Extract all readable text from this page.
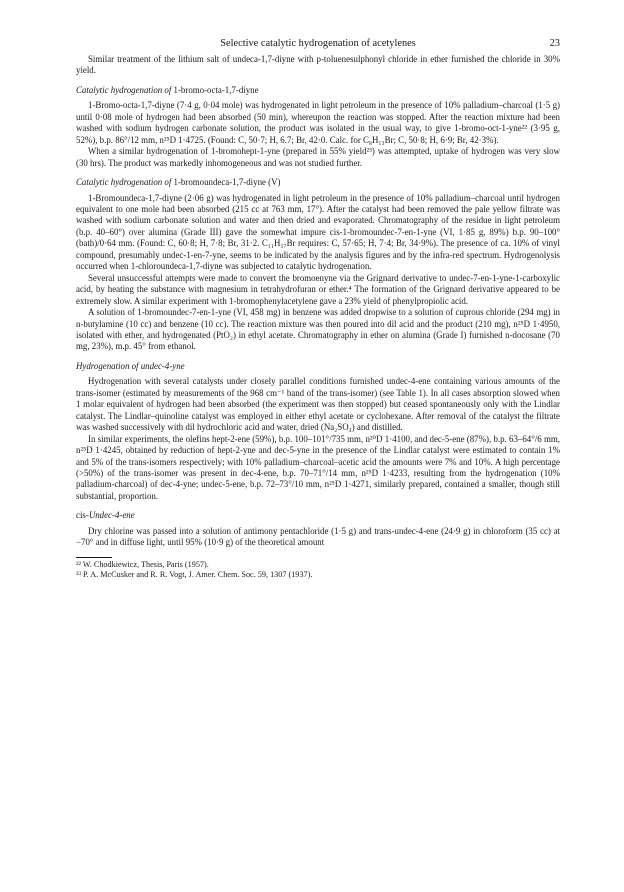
Selective catalytic hydrogenation of acetylenes	23

Similar treatment of the lithium salt of undeca-1,7-diyne with p-toluenesulphonyl chloride in ether furnished the chloride in 30% yield.

Catalytic hydrogenation of 1-bromo-octa-1,7-diyne

1-Bromo-octa-1,7-diyne (7·4 g, 0·04 mole) was hydrogenated in light petroleum in the presence of 10% palladium–charcoal (1·5 g) until 0·08 mole of hydrogen had been absorbed (50 min), whereupon the reaction was stopped. After the reaction mixture had been washed with sodium hydrogen carbonate solution, the product was isolated in the usual way, to give 1-bromo-oct-1-yne²² (3·95 g, 52%), b.p. 86°/12 mm, n²⁵D 1·4725. (Found: C, 50·7; H, 6.7; Br, 42·0. Calc. for C₈H₁₃Br; C, 50·8; H, 6·9; Br, 42·3%).

When a similar hydrogenation of 1-bromohept-1-yne (prepared in 55% yield²³) was attempted, uptake of hydrogen was very slow (30 hrs). The product was markedly inhomogeneous and was not studied further.

Catalytic hydrogenation of 1-bromoundeca-1,7-diyne (V)

1-Bromoundeca-1,7-diyne (2·06 g) was hydrogenated in light petroleum in the presence of 10% palladium–charcoal until hydrogen equivalent to one mole had been absorbed (215 cc at 763 mm, 17°). After the catalyst had been removed the pale yellow filtrate was washed with sodium carbonate solution and water and then dried and evaporated. Chromatography of the residue in light petroleum (b.p. 40–60°) over alumina (Grade III) gave the somewhat impure cis-1-bromoundec-7-en-1-yne (VI, 1·85 g, 89%) b.p. 90–100° (bath)/0·64 mm. (Found: C, 60·8; H, 7·8; Br, 31·2. C₁₁H₁₇Br requires: C, 57·65; H, 7·4; Br, 34·9%). The presence of ca. 10% of vinyl compound, presumably undec-1-en-7-yne, seems to be indicated by the analysis figures and by the infra-red spectrum. Hydrogenolysis occurred when 1-chloroundeca-1,7-diyne was subjected to catalytic hydrogenation.

Several unsuccessful attempts were made to convert the bromoenyne via the Grignard derivative to undec-7-en-1-yne-1-carboxylic acid, by heating the substance with magnesium in tetrahydrofuran or ether.⁴ The formation of the Grignard derivative appeared to be extremely slow. A similar experiment with 1-bromophenylacetylene gave a 23% yield of phenylpropiolic acid.

A solution of 1-bromoundec-7-en-1-yne (VI, 458 mg) in benzene was added dropwise to a solution of cuprous chloride (294 mg) in n-butylamine (10 cc) and benzene (10 cc). The reaction mixture was then poured into dil acid and the product (210 mg), n²⁵D 1·4950, isolated with ether, and hydrogenated (PtO₂) in ethyl acetate. Chromatography in ether on alumina (Grade I) furnished n-docosane (70 mg, 23%), m.p. 45° from ethanol.

Hydrogenation of undec-4-yne

Hydrogenation with several catalysts under closely parallel conditions furnished undec-4-ene containing various amounts of the trans-isomer (estimated by measurements of the 968 cm⁻¹ band of the trans-isomer) (see Table 1). In all cases absorption slowed when 1 molar equivalent of hydrogen had been absorbed (the experiment was then stopped) but ceased spontaneously only with the Lindlar catalyst. The Lindlar–quinoline catalyst was employed in either ethyl acetate or cyclohexane. After removal of the catalyst the filtrate was washed successively with dil hydrochloric acid and water, dried (Na₂SO₄) and distilled.

In similar experiments, the olefins hept-2-ene (59%), b.p. 100–101°/735 mm, n²⁰D 1·4100, and dec-5-ene (87%), b.p. 63–64°/6 mm, n²⁵D 1·4245, obtained by reduction of hept-2-yne and dec-5-yne in the presence of the Lindlar catalyst were estimated to contain 1% and 5% of the trans-isomers respectively; with 10% palladium–charcoal–acetic acid the amounts were 7% and 10%. A high percentage (>50%) of the trans-isomer was present in dec-4-ene, b.p. 70–71°/14 mm, n²⁵D 1·4233, resulting from the hydrogenation (10% palladium-charcoal) of dec-4-yne; undec-5-ene, b.p. 72–73°/10 mm, n²⁵D 1·4271, similarly prepared, contained a smaller, though still substantial, proportion.

cis-Undec-4-ene

Dry chlorine was passed into a solution of antimony pentachloride (1·5 g) and trans-undec-4-ene (24·9 g) in chloroform (35 cc) at −70° and in diffuse light, until 95% (10·9 g) of the theoretical amount

²² W. Chodkiewicz, Thesis, Paris (1957).

²³ P. A. McCusker and R. R. Vogt, J. Amer. Chem. Soc. 59, 1307 (1937).
